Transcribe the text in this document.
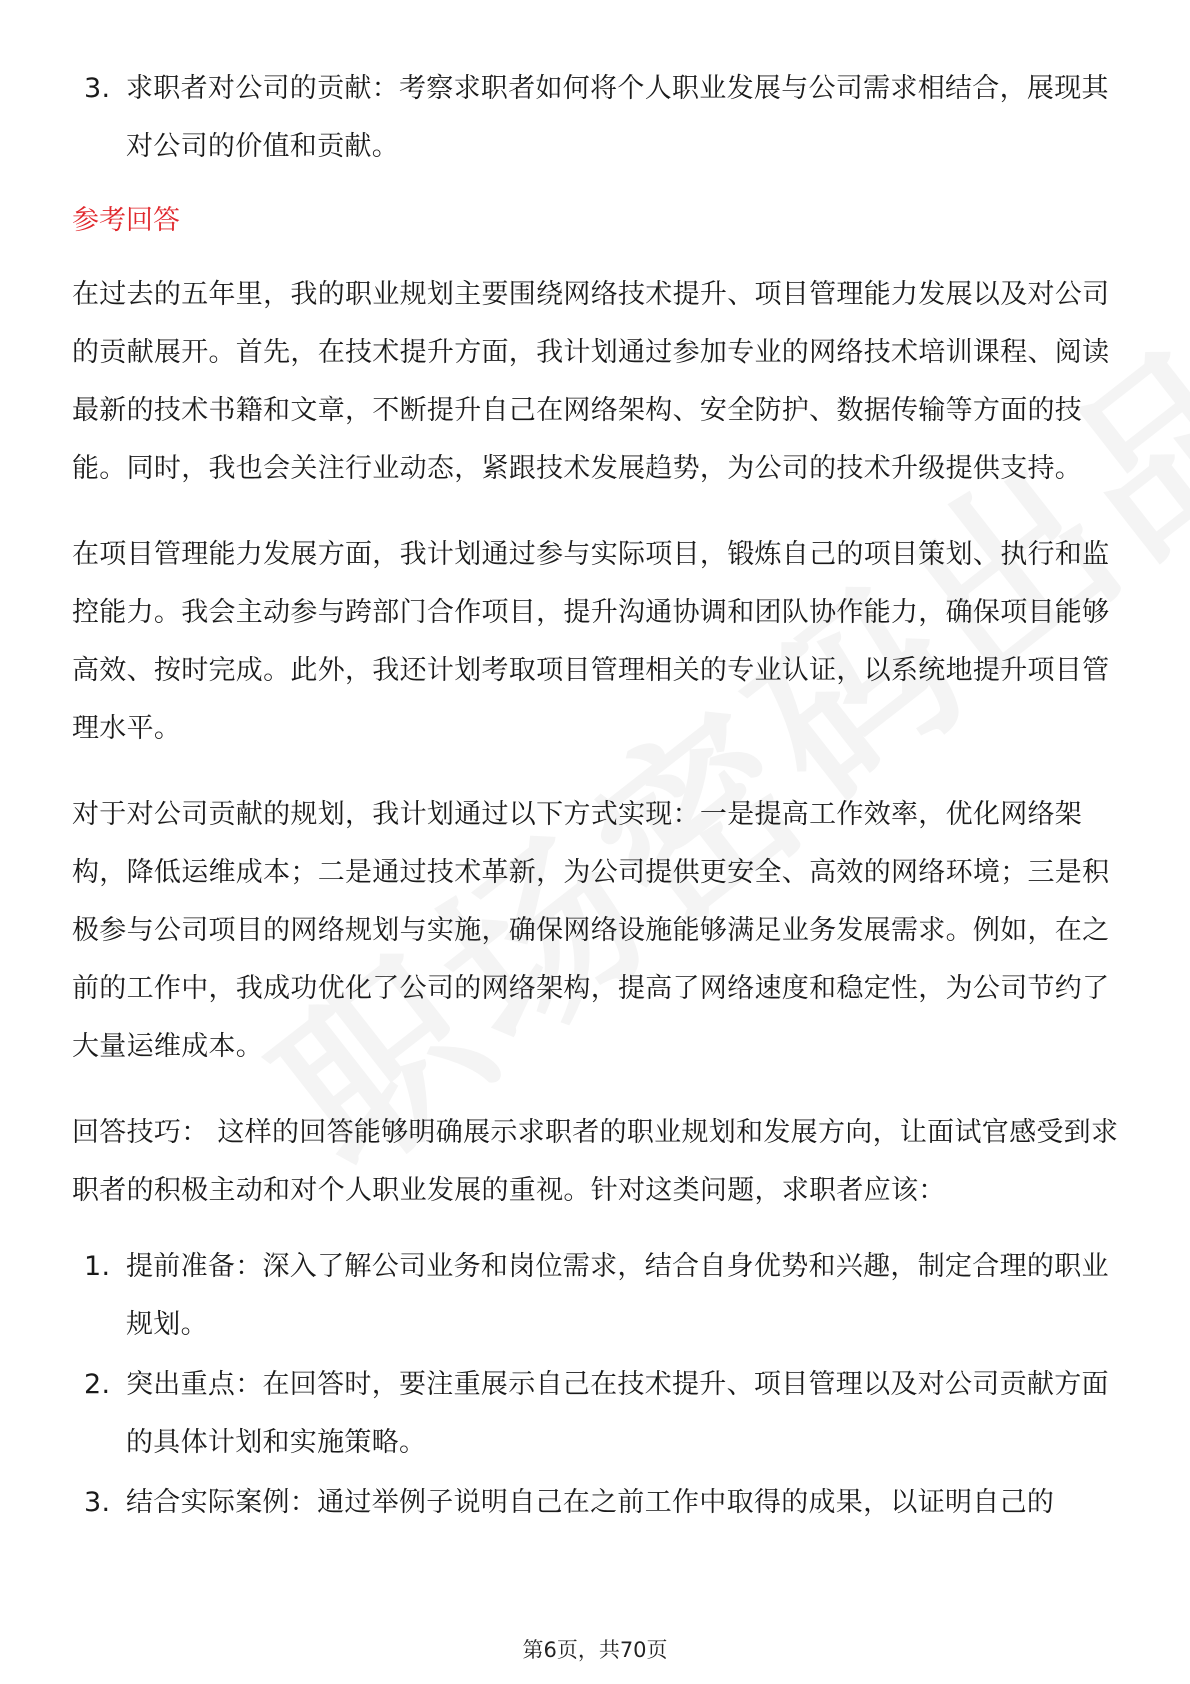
3. 求职者对公司的贡献：考察求职者如何将个人职业发展与公司需求相结合，展现其对公司的价值和贡献。
参考回答
在过去的五年里，我的职业规划主要围绕网络技术提升、项目管理能力发展以及对公司的贡献展开。首先，在技术提升方面，我计划通过参加专业的网络技术培训课程、阅读最新的技术书籍和文章，不断提升自己在网络架构、安全防护、数据传输等方面的技能。同时，我也会关注行业动态，紧跟技术发展趋势，为公司的技术升级提供支持。
在项目管理能力发展方面，我计划通过参与实际项目，锻炼自己的项目策划、执行和监控能力。我会主动参与跨部门合作项目，提升沟通协调和团队协作能力，确保项目能够高效、按时完成。此外，我还计划考取项目管理相关的专业认证，以系统地提升项目管理水平。
对于对公司贡献的规划，我计划通过以下方式实现：一是提高工作效率，优化网络架构，降低运维成本；二是通过技术革新，为公司提供更安全、高效的网络环境；三是积极参与公司项目的网络规划与实施，确保网络设施能够满足业务发展需求。例如，在之前的工作中，我成功优化了公司的网络架构，提高了网络速度和稳定性，为公司节约了大量运维成本。
回答技巧： 这样的回答能够明确展示求职者的职业规划和发展方向，让面试官感受到求职者的积极主动和对个人职业发展的重视。针对这类问题，求职者应该：
1. 提前准备：深入了解公司业务和岗位需求，结合自身优势和兴趣，制定合理的职业规划。
2. 突出重点：在回答时，要注重展示自己在技术提升、项目管理以及对公司贡献方面的具体计划和实施策略。
3. 结合实际案例：通过举例子说明自己在之前工作中取得的成果，以证明自己的
第6页，共70页
